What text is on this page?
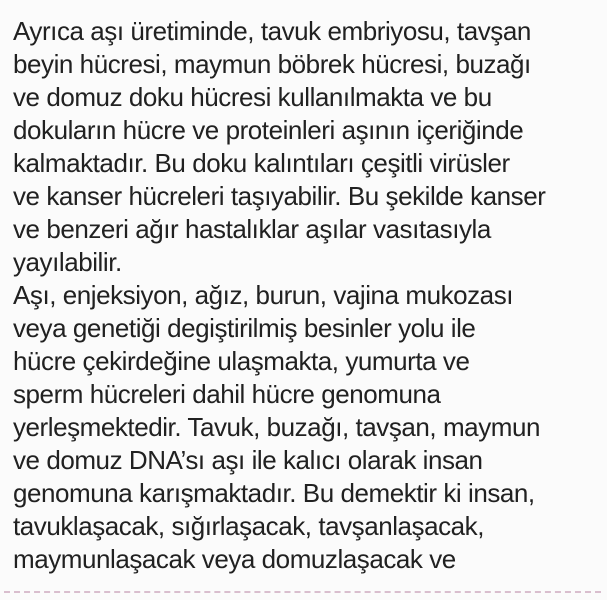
Ayrıca aşı üretiminde, tavuk embriyosu, tavşan
beyin hücresi, maymun böbrek hücresi, buzağı
ve domuz doku hücresi kullanılmakta ve bu
dokuların hücre ve proteinleri aşının içeriğinde
kalmaktadır. Bu doku kalıntıları çeşitli virüsler
ve kanser hücreleri taşıyabilir. Bu şekilde kanser
ve benzeri ağır hastalıklar aşılar vasıtasıyla
yayılabilir.
Aşı, enjeksiyon, ağız, burun, vajina mukozası
veya genetiği degiştirilmiş besinler yolu ile
hücre çekirdeğine ulaşmakta, yumurta ve
sperm hücreleri dahil hücre genomuna
yerleşmektedir. Tavuk, buzağı, tavşan, maymun
ve domuz DNA’sı aşı ile kalıcı olarak insan
genomuna karışmaktadır. Bu demektir ki insan,
tavuklaşacak, sığırlaşacak, tavşanlaşacak,
maymunlaşacak veya domuzlaşacak ve
